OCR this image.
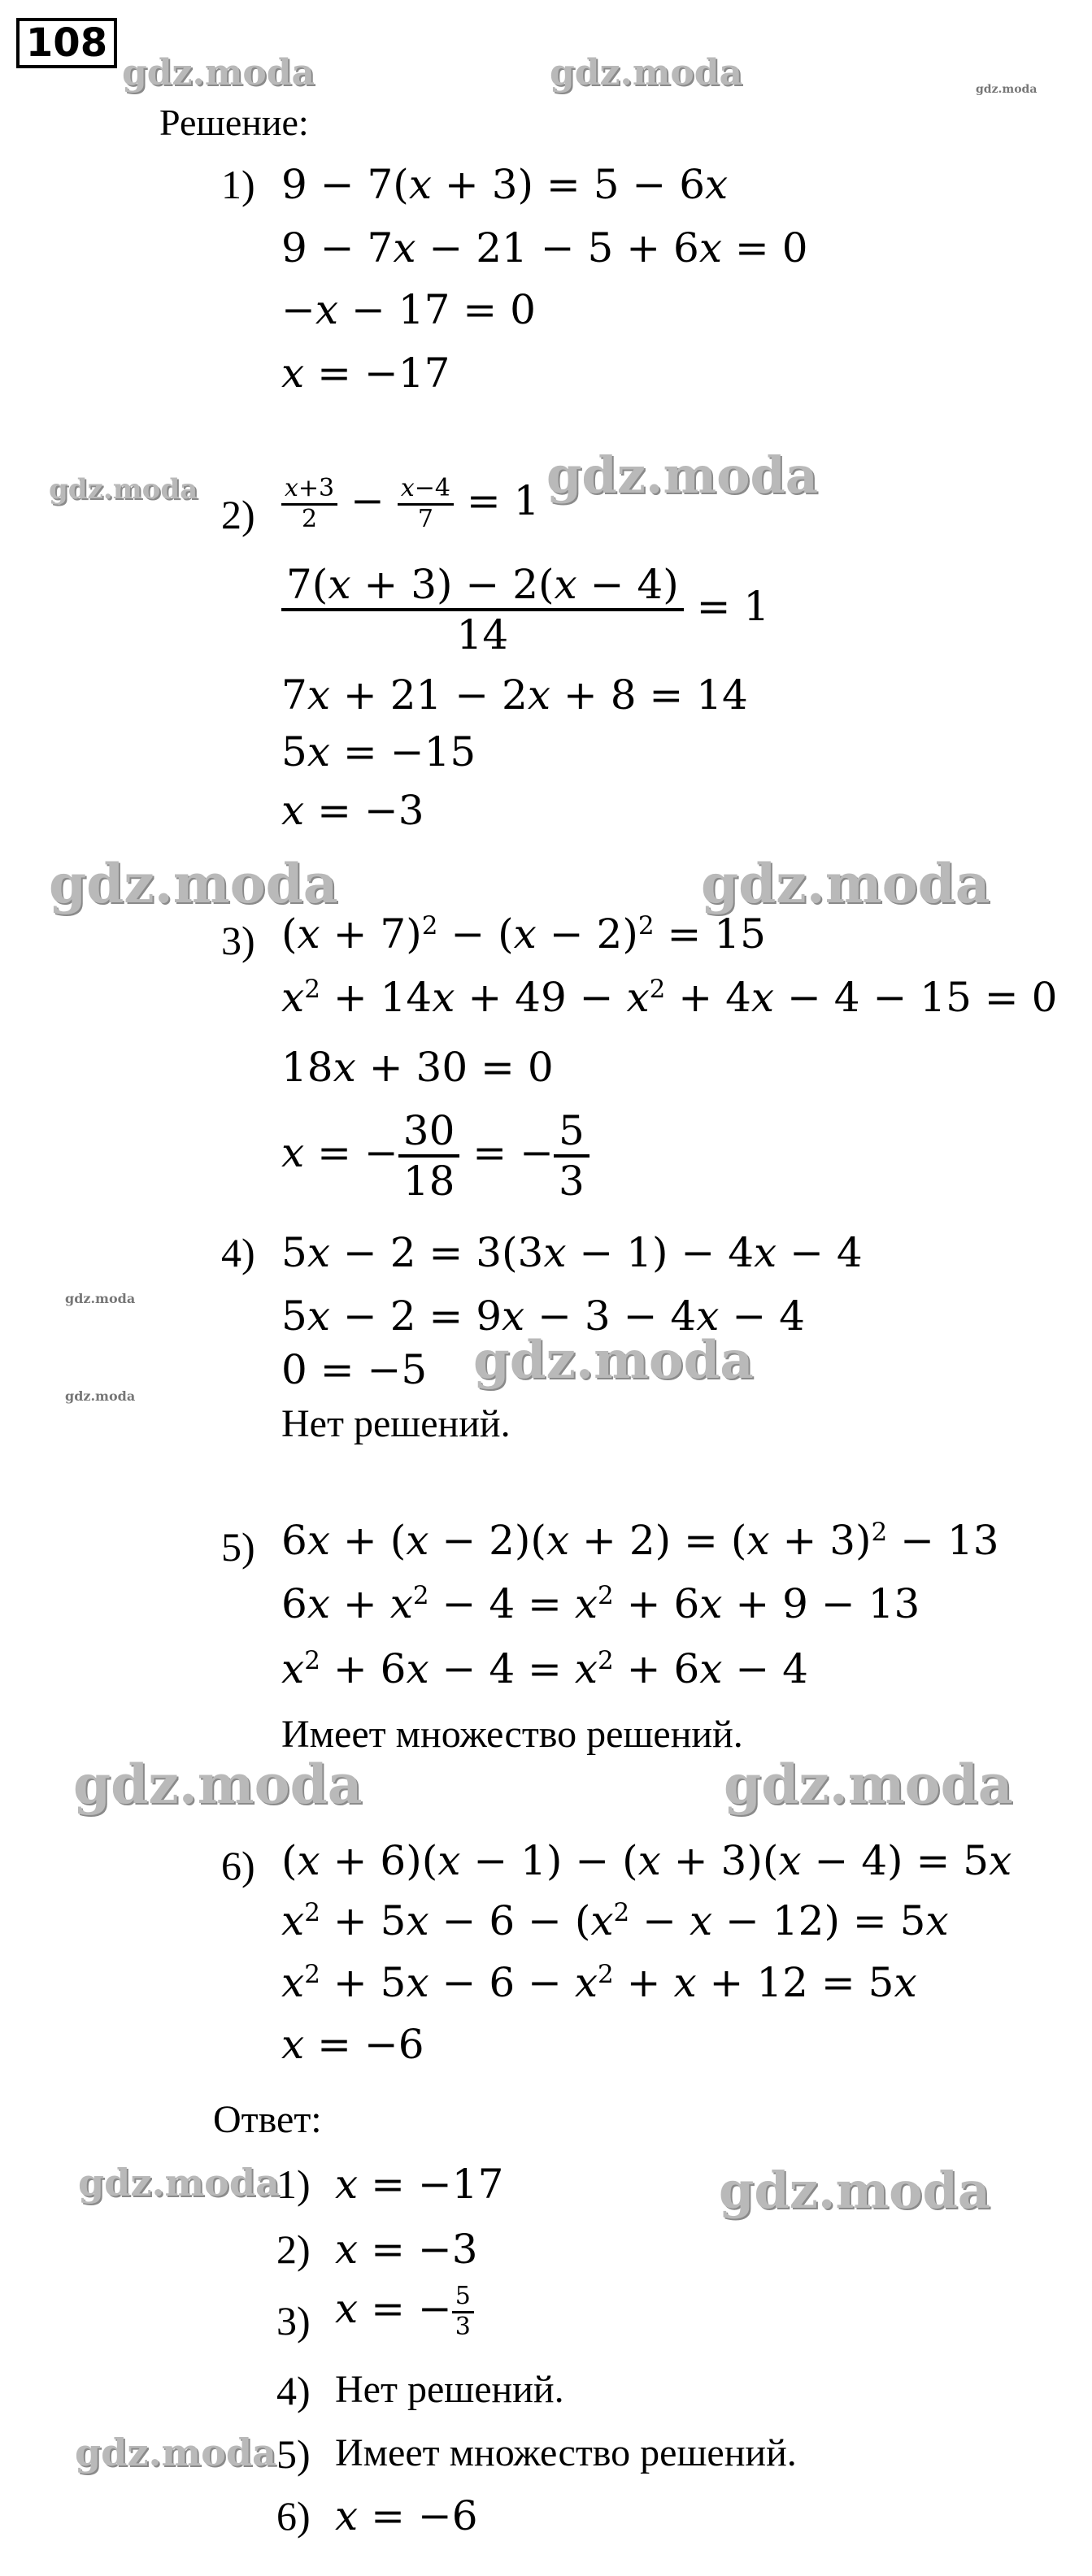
108
gdz.moda	gdz.moda	gdz.moda
gdz.moda	gdz.moda
gdz.moda	gdz.moda
gdz.moda
gdz.moda
gdz.moda
gdz.moda	gdz.moda
gdz.moda	gdz.moda
gdz.moda
Решение:
1) 9 − 7(x + 3) = 5 − 6x
9 − 7x − 21 − 5 + 6x = 0
−x − 17 = 0
x = −17
$2) \frac{x+3}{2} - \frac{x-4}{7} = 1$
$\frac{7(x + 3) - 2(x - 4)}{14} = 1$
7x + 21 − 2x + 8 = 14
5x = −15
x = −3
3) $(x + 7)^2 - (x - 2)^2 = 15$
$x^2 + 14x + 49 - x^2 + 4x - 4 - 15 = 0$
18x + 30 = 0
x = − $\frac{30}{18}$ = − $\frac{5}{3}$
4) 5x − 2 = 3(3x − 1) − 4x − 4
5x − 2 = 9x − 3 − 4x − 4
0 = −5
Нет решений.
5) $6x + (x - 2)(x + 2) = (x + 3)^2 - 13$
$6x + x^2 - 4 = x^2 + 6x + 9 - 13$
$x^2 + 6x - 4 = x^2 + 6x - 4$
Имеет множество решений.
6) (x + 6)(x − 1) − (x + 3)(x − 4) = 5x
$x^2 + 5x - 6 - (x^2 - x - 12) = 5x$
$x^2 + 5x - 6 - x^2 + x + 12 = 5x$
x = −6
Ответ:
1) x = −17
2) x = −3
3) x = − $\frac{5}{3}$
4) Нет решений.
5) Имеет множество решений.
6) x = −6
